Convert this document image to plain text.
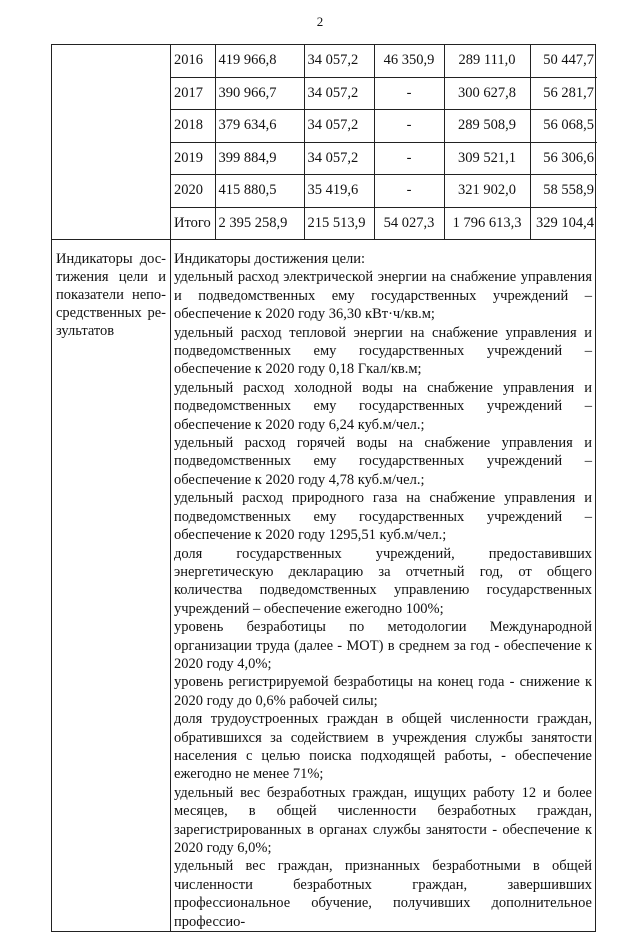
2

2016	419 966,8	34 057,2	46 350,9	289 111,0	50 447,7
2017	390 966,7	34 057,2	-	300 627,8	56 281,7
2018	379 634,6	34 057,2	-	289 508,9	56 068,5
2019	399 884,9	34 057,2	-	309 521,1	56 306,6
2020	415 880,5	35 419,6	-	321 902,0	58 558,9
Итого	2 395 258,9	215 513,9	54 027,3	1 796 613,3	329 104,4

Индикаторы дос-
тижения цели и
показатели непо-
средственных ре-
зультатов

Индикаторы достижения цели:

удельный расход электрической энергии на снабжение управления и подведомственных ему государственных учреждений – обеспечение к 2020 году 36,30 кВт·ч/кв.м;

удельный расход тепловой энергии на снабжение управления и подведомственных ему государственных учреждений – обеспечение к 2020 году 0,18 Гкал/кв.м;

удельный расход холодной воды на снабжение управления и подведомственных ему государственных учреждений – обеспечение к 2020 году 6,24 куб.м/чел.;

удельный расход горячей воды на снабжение управления и подведомственных ему государственных учреждений – обеспечение к 2020 году 4,78 куб.м/чел.;

удельный расход природного газа на снабжение управления и подведомственных ему государственных учреждений – обеспечение к 2020 году 1295,51 куб.м/чел.;

доля государственных учреждений, предоставивших энергетическую декларацию за отчетный год, от общего количества подведомственных управлению государственных учреждений – обеспечение ежегодно 100%;

уровень безработицы по методологии Международной организации труда (далее - МОТ) в среднем за год - обеспечение к 2020 году 4,0%;

уровень регистрируемой безработицы на конец года - снижение к 2020 году до 0,6% рабочей силы;

доля трудоустроенных граждан в общей численности граждан, обратившихся за содействием в учреждения службы занятости населения с целью поиска подходящей работы, - обеспечение ежегодно не менее 71%;

удельный вес безработных граждан, ищущих работу 12 и более месяцев, в общей численности безработных граждан, зарегистрированных в органах службы занятости - обеспечение к 2020 году 6,0%;

удельный вес граждан, признанных безработными в общей численности безработных граждан, завершивших профессиональное обучение, получивших дополнительное профессио-
